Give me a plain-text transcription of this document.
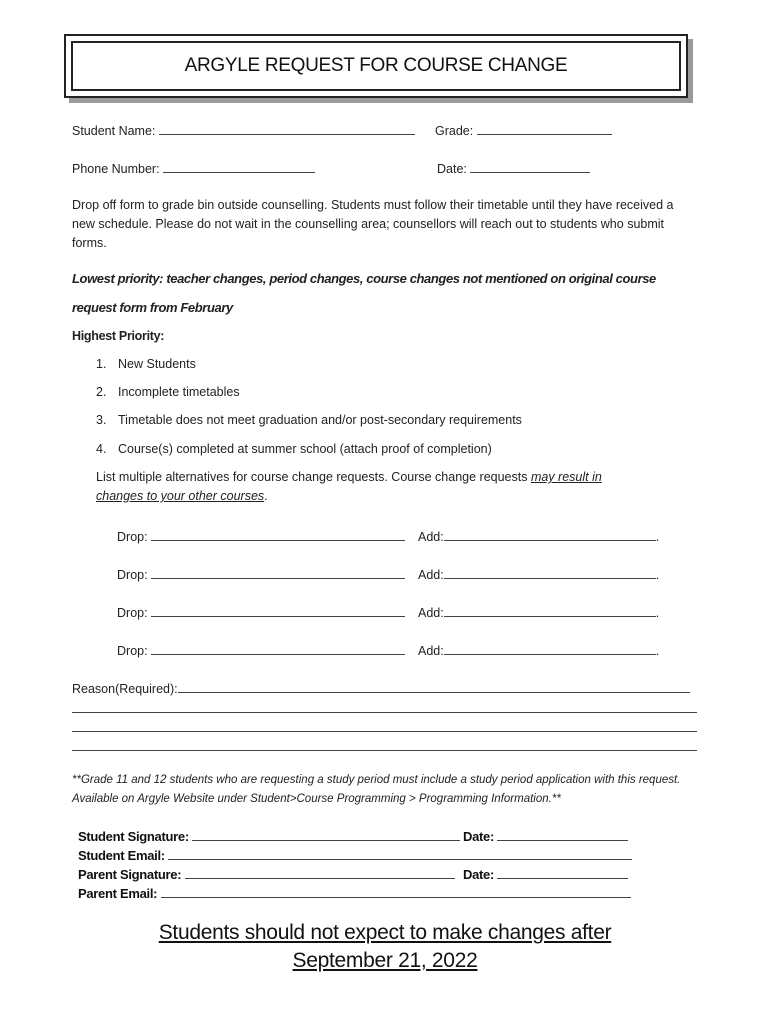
ARGYLE REQUEST FOR COURSE CHANGE
Student Name:	Grade:
Phone Number:	Date:
Drop off form to grade bin outside counselling. Students must follow their timetable until they have received a new schedule. Please do not wait in the counselling area; counsellors will reach out to students who submit forms.
Lowest priority: teacher changes, period changes, course changes not mentioned on original course
request form from February
Highest Priority:
1. New Students
2. Incomplete timetables
3. Timetable does not meet graduation and/or post-secondary requirements
4. Course(s) completed at summer school (attach proof of completion)
List multiple alternatives for course change requests. Course change requests may result in
changes to your other courses.
Drop:	Add:	.
Drop:	Add:	.
Drop:	Add:	.
Drop:	Add:	.
Reason(Required):
**Grade 11 and 12 students who are requesting a study period must include a study period application with this request. Available on Argyle Website under Student>Course Programming > Programming Information.**
Student Signature:	Date:
Student Email:
Parent Signature:	Date:
Parent Email:
Students should not expect to make changes after
September 21, 2022
